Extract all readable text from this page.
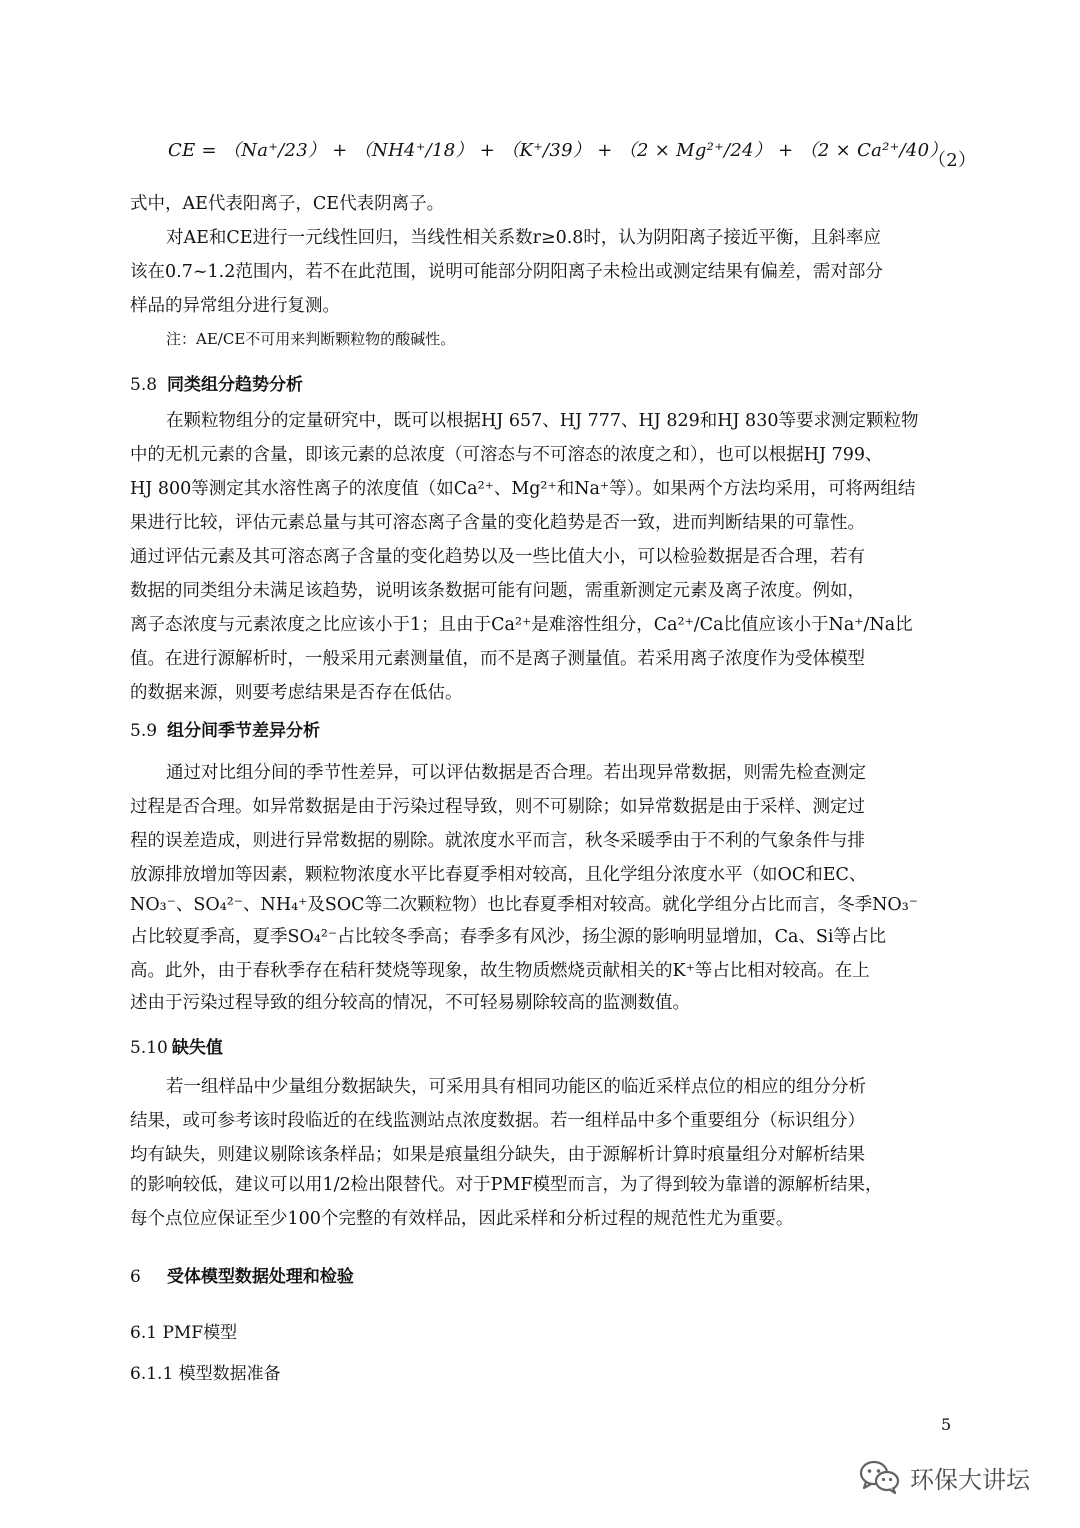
CE = （Na⁺/23） + （NH4⁺/18） + （K⁺/39） + （2 × Mg²⁺/24） + （2 × Ca²⁺/40）
（2）
式中，AE代表阳离子，CE代表阴离子。
对AE和CE进行一元线性回归，当线性相关系数r≥0.8时，认为阴阳离子接近平衡，且斜率应
该在0.7~1.2范围内，若不在此范围，说明可能部分阴阳离子未检出或测定结果有偏差，需对部分
样品的异常组分进行复测。
注：AE/CE不可用来判断颗粒物的酸碱性。
5.8 同类组分趋势分析
在颗粒物组分的定量研究中，既可以根据HJ 657、HJ 777、HJ 829和HJ 830等要求测定颗粒物
中的无机元素的含量，即该元素的总浓度（可溶态与不可溶态的浓度之和），也可以根据HJ 799、
HJ 800等测定其水溶性离子的浓度值（如Ca²⁺、Mg²⁺和Na⁺等）。如果两个方法均采用，可将两组结
果进行比较，评估元素总量与其可溶态离子含量的变化趋势是否一致，进而判断结果的可靠性。
通过评估元素及其可溶态离子含量的变化趋势以及一些比值大小，可以检验数据是否合理，若有
数据的同类组分未满足该趋势，说明该条数据可能有问题，需重新测定元素及离子浓度。例如，
离子态浓度与元素浓度之比应该小于1；且由于Ca²⁺是难溶性组分，Ca²⁺/Ca比值应该小于Na⁺/Na比
值。在进行源解析时，一般采用元素测量值，而不是离子测量值。若采用离子浓度作为受体模型
的数据来源，则要考虑结果是否存在低估。
5.9 组分间季节差异分析
通过对比组分间的季节性差异，可以评估数据是否合理。若出现异常数据，则需先检查测定
过程是否合理。如异常数据是由于污染过程导致，则不可剔除；如异常数据是由于采样、测定过
程的误差造成，则进行异常数据的剔除。就浓度水平而言，秋冬采暖季由于不利的气象条件与排
放源排放增加等因素，颗粒物浓度水平比春夏季相对较高，且化学组分浓度水平（如OC和EC、
NO₃⁻、SO₄²⁻、NH₄⁺及SOC等二次颗粒物）也比春夏季相对较高。就化学组分占比而言，冬季NO₃⁻
占比较夏季高，夏季SO₄²⁻占比较冬季高；春季多有风沙，扬尘源的影响明显增加，Ca、Si等占比
高。此外，由于春秋季存在秸秆焚烧等现象，故生物质燃烧贡献相关的K⁺等占比相对较高。在上
述由于污染过程导致的组分较高的情况，不可轻易剔除较高的监测数值。
5.10 缺失值
若一组样品中少量组分数据缺失，可采用具有相同功能区的临近采样点位的相应的组分分析
结果，或可参考该时段临近的在线监测站点浓度数据。若一组样品中多个重要组分（标识组分）
均有缺失，则建议剔除该条样品；如果是痕量组分缺失，由于源解析计算时痕量组分对解析结果
的影响较低，建议可以用1/2检出限替代。对于PMF模型而言，为了得到较为靠谱的源解析结果，
每个点位应保证至少100个完整的有效样品，因此采样和分析过程的规范性尤为重要。
6 受体模型数据处理和检验
6.1 PMF模型
6.1.1 模型数据准备
5
环保大讲坛
